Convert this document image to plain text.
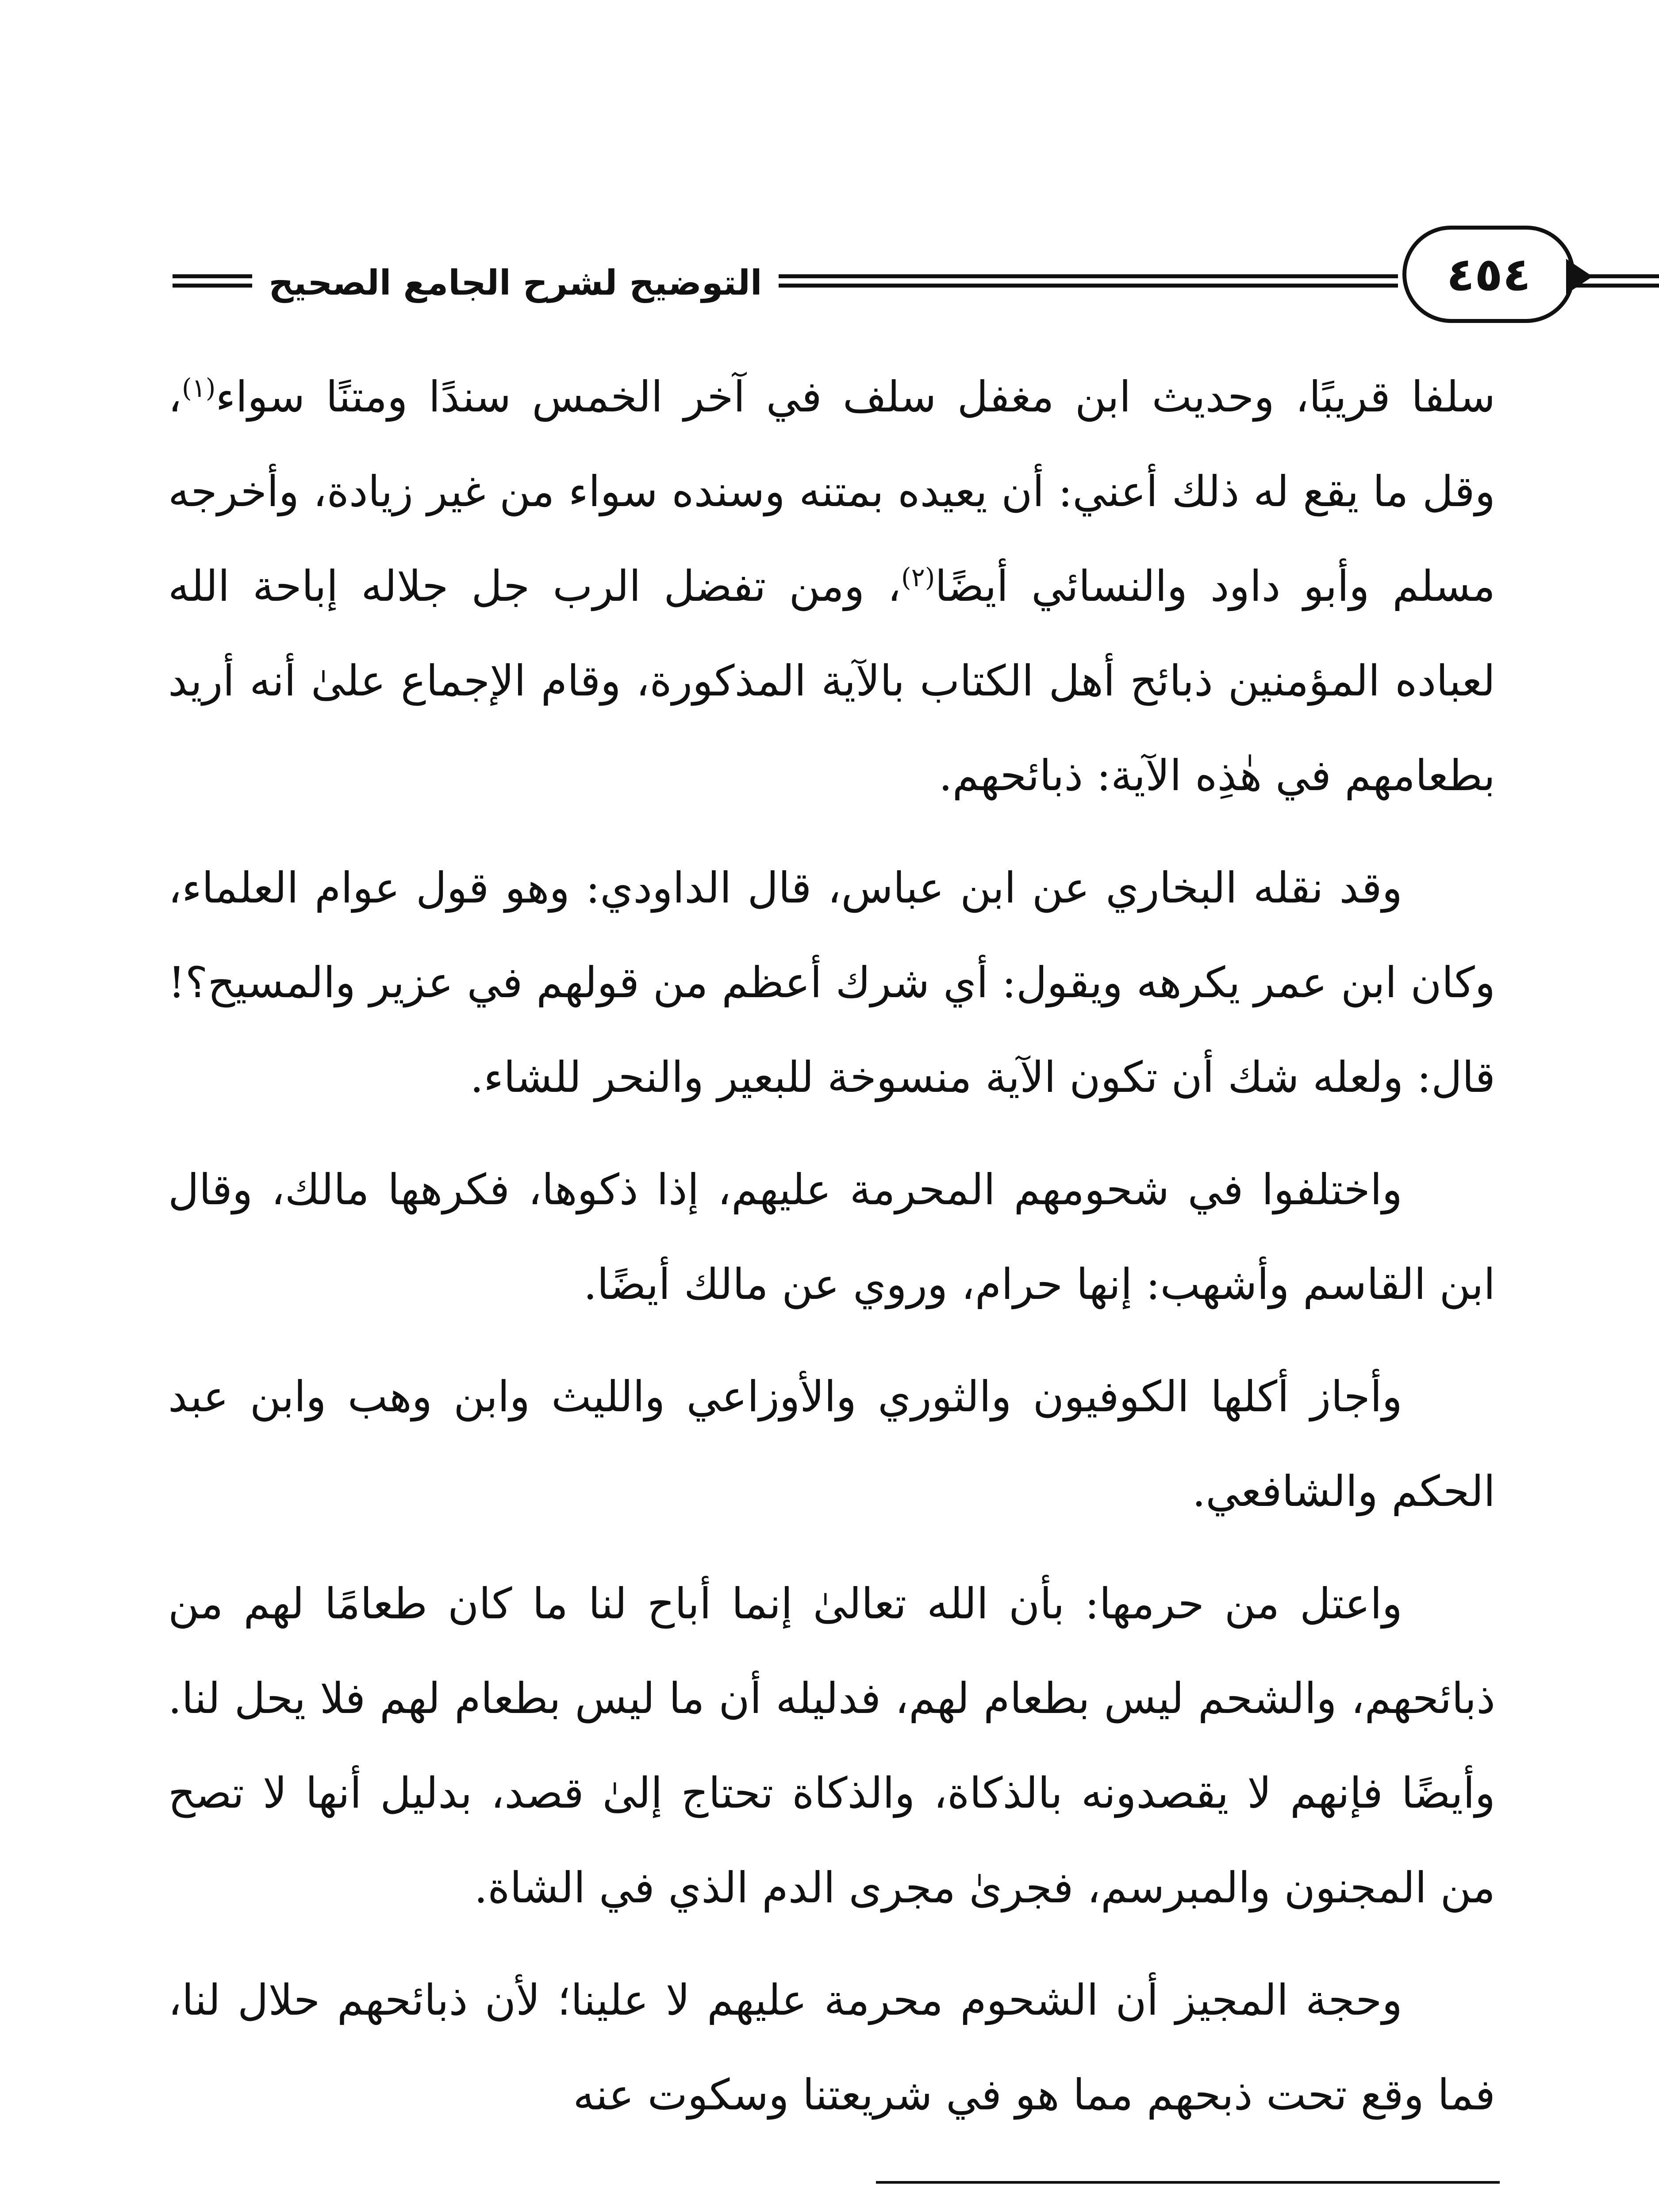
التوضيح لشرح الجامع الصحيح	٤٥٤

سلفا قريبًا، وحديث ابن مغفل سلف في آخر الخمس سندًا ومتنًا سواء$^{(١)}$، وقل ما يقع له ذلك أعني: أن يعيده بمتنه وسنده سواء من غير زيادة، وأخرجه مسلم وأبو داود والنسائي أيضًا$^{(٢)}$، ومن تفضل الرب جل جلاله إباحة الله لعباده المؤمنين ذبائح أهل الكتاب بالآية المذكورة، وقام الإجماع علىٰ أنه أريد بطعامهم في هٰذِه الآية: ذبائحهم.

وقد نقله البخاري عن ابن عباس، قال الداودي: وهو قول عوام العلماء، وكان ابن عمر يكرهه ويقول: أي شرك أعظم من قولهم في عزير والمسيح؟! قال: ولعله شك أن تكون الآية منسوخة للبعير والنحر للشاء.

واختلفوا في شحومهم المحرمة عليهم، إذا ذكوها، فكرهها مالك، وقال ابن القاسم وأشهب: إنها حرام، وروي عن مالك أيضًا.

وأجاز أكلها الكوفيون والثوري والأوزاعي والليث وابن وهب وابن عبد الحكم والشافعي.

واعتل من حرمها: بأن الله تعالىٰ إنما أباح لنا ما كان طعامًا لهم من ذبائحهم، والشحم ليس بطعام لهم، فدليله أن ما ليس بطعام لهم فلا يحل لنا. وأيضًا فإنهم لا يقصدونه بالذكاة، والذكاة تحتاج إلىٰ قصد، بدليل أنها لا تصح من المجنون والمبرسم، فجرىٰ مجرى الدم الذي في الشاة.

وحجة المجيز أن الشحوم محرمة عليهم لا علينا؛ لأن ذبائحهم حلال لنا، فما وقع تحت ذبحهم مما هو في شريعتنا وسكوت عنه
